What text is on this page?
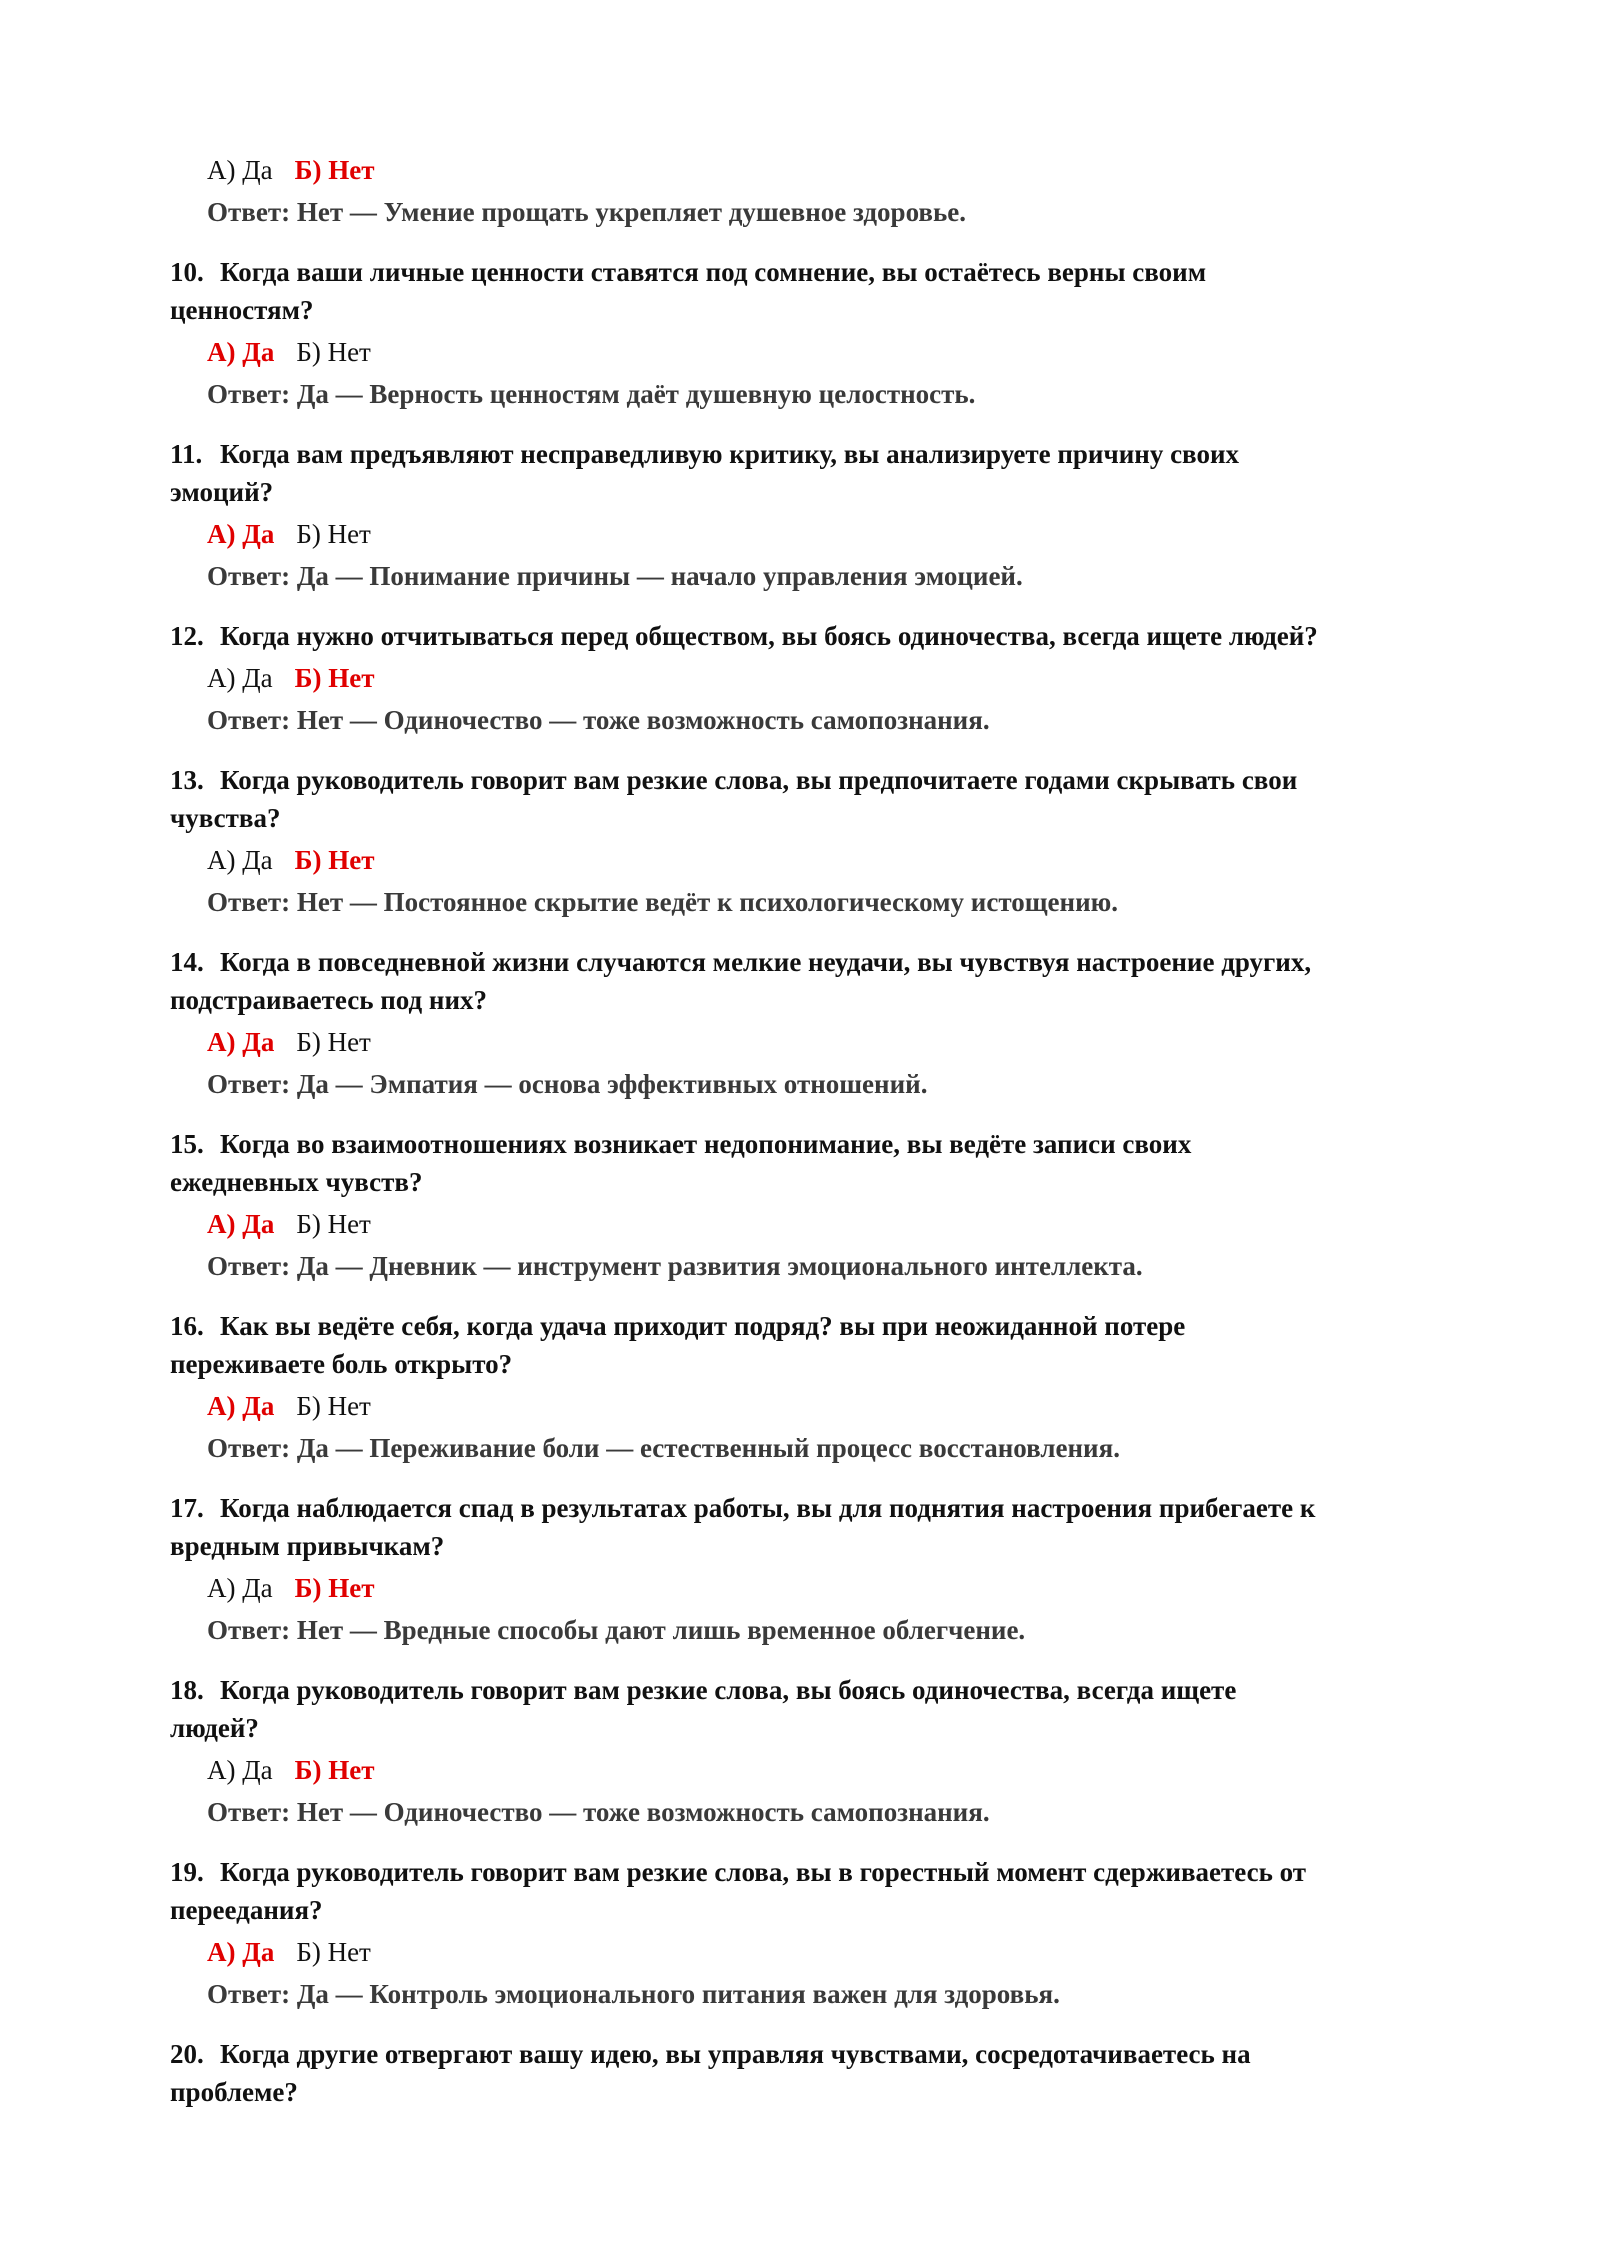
А) Да Б) Нет
Ответ: Нет — Умение прощать укрепляет душевное здоровье.
10. Когда ваши личные ценности ставятся под сомнение, вы остаётесь верны своим
ценностям?
А) Да Б) Нет
Ответ: Да — Верность ценностям даёт душевную целостность.
11. Когда вам предъявляют несправедливую критику, вы анализируете причину своих
эмоций?
А) Да Б) Нет
Ответ: Да — Понимание причины — начало управления эмоцией.
12. Когда нужно отчитываться перед обществом, вы боясь одиночества, всегда ищете людей?
А) Да Б) Нет
Ответ: Нет — Одиночество — тоже возможность самопознания.
13. Когда руководитель говорит вам резкие слова, вы предпочитаете годами скрывать свои
чувства?
А) Да Б) Нет
Ответ: Нет — Постоянное скрытие ведёт к психологическому истощению.
14. Когда в повседневной жизни случаются мелкие неудачи, вы чувствуя настроение других,
подстраиваетесь под них?
А) Да Б) Нет
Ответ: Да — Эмпатия — основа эффективных отношений.
15. Когда во взаимоотношениях возникает недопонимание, вы ведёте записи своих
ежедневных чувств?
А) Да Б) Нет
Ответ: Да — Дневник — инструмент развития эмоционального интеллекта.
16. Как вы ведёте себя, когда удача приходит подряд? вы при неожиданной потере
переживаете боль открыто?
А) Да Б) Нет
Ответ: Да — Переживание боли — естественный процесс восстановления.
17. Когда наблюдается спад в результатах работы, вы для поднятия настроения прибегаете к
вредным привычкам?
А) Да Б) Нет
Ответ: Нет — Вредные способы дают лишь временное облегчение.
18. Когда руководитель говорит вам резкие слова, вы боясь одиночества, всегда ищете
людей?
А) Да Б) Нет
Ответ: Нет — Одиночество — тоже возможность самопознания.
19. Когда руководитель говорит вам резкие слова, вы в горестный момент сдерживаетесь от
переедания?
А) Да Б) Нет
Ответ: Да — Контроль эмоционального питания важен для здоровья.
20. Когда другие отвергают вашу идею, вы управляя чувствами, сосредотачиваетесь на
проблеме?
